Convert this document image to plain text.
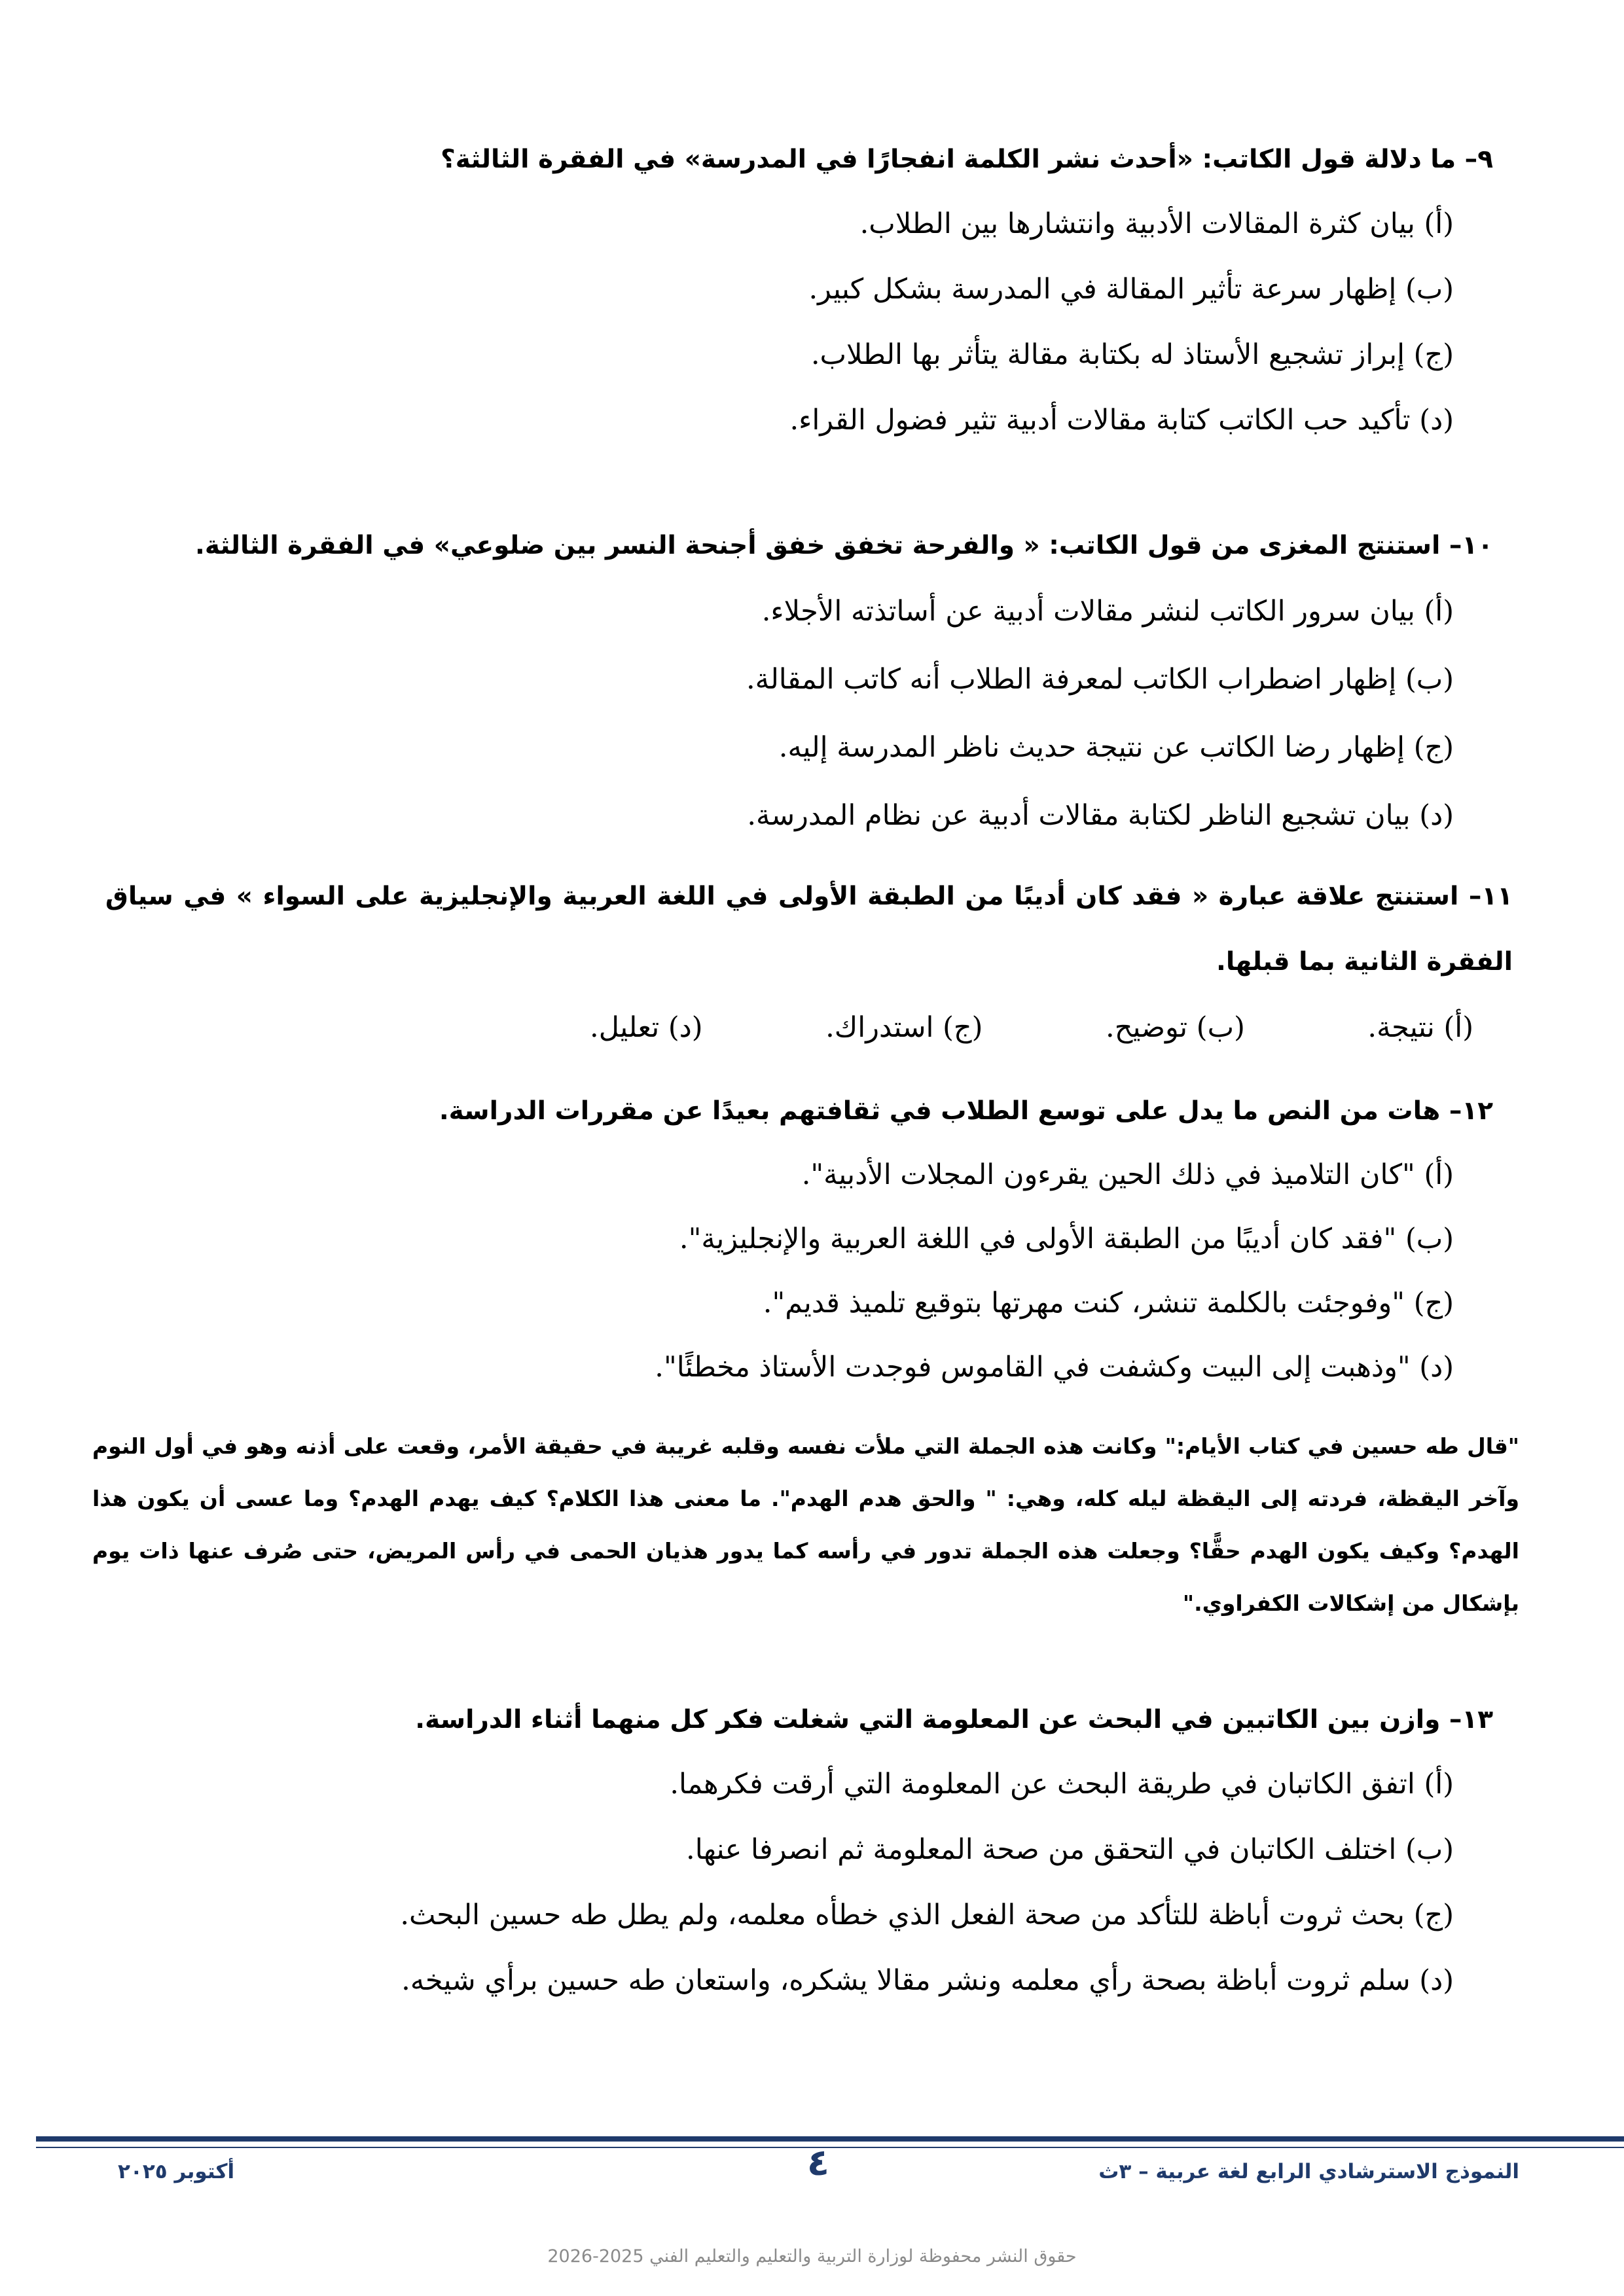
٩– ما دلالة قول الكاتب: «أحدث نشر الكلمة انفجارًا في المدرسة» في الفقرة الثالثة؟
(أ) بيان كثرة المقالات الأدبية وانتشارها بين الطلاب.
(ب) إظهار سرعة تأثير المقالة في المدرسة بشكل كبير.
(ج) إبراز تشجيع الأستاذ له بكتابة مقالة يتأثر بها الطلاب.
(د) تأكيد حب الكاتب كتابة مقالات أدبية تثير فضول القراء.
١٠– استنتج المغزى من قول الكاتب: « والفرحة تخفق خفق أجنحة النسر بين ضلوعي» في الفقرة الثالثة.
(أ) بيان سرور الكاتب لنشر مقالات أدبية عن أساتذته الأجلاء.
(ب) إظهار اضطراب الكاتب لمعرفة الطلاب أنه كاتب المقالة.
(ج) إظهار رضا الكاتب عن نتيجة حديث ناظر المدرسة إليه.
(د) بيان تشجيع الناظر لكتابة مقالات أدبية عن نظام المدرسة.
١١– استنتج علاقة عبارة « فقد كان أديبًا من الطبقة الأولى في اللغة العربية والإنجليزية على السواء » في سياق الفقرة الثانية بما قبلها.
(أ) نتيجة.
(ب) توضيح.
(ج) استدراك.
(د) تعليل.
١٢– هات من النص ما يدل على توسع الطلاب في ثقافتهم بعيدًا عن مقررات الدراسة.
(أ) "كان التلاميذ في ذلك الحين يقرءون المجلات الأدبية".
(ب) "فقد كان أديبًا من الطبقة الأولى في اللغة العربية والإنجليزية".
(ج) "وفوجئت بالكلمة تنشر، كنت مهرتها بتوقيع تلميذ قديم".
(د) "وذهبت إلى البيت وكشفت في القاموس فوجدت الأستاذ مخطئًا".
"قال طه حسين في كتاب الأيام:" وكانت هذه الجملة التي ملأت نفسه وقلبه غريبة في حقيقة الأمر، وقعت على أذنه وهو في أول النوم وآخر اليقظة، فردته إلى اليقظة ليله كله، وهي: " والحق هدم الهدم". ما معنى هذا الكلام؟ كيف يهدم الهدم؟ وما عسى أن يكون هذا الهدم؟ وكيف يكون الهدم حقًّا؟ وجعلت هذه الجملة تدور في رأسه كما يدور هذيان الحمى في رأس المريض، حتى صُرف عنها ذات يوم بإشكال من إشكالات الكفراوي."
١٣– وازن بين الكاتبين في البحث عن المعلومة التي شغلت فكر كل منهما أثناء الدراسة.
(أ) اتفق الكاتبان في طريقة البحث عن المعلومة التي أرقت فكرهما.
(ب) اختلف الكاتبان في التحقق من صحة المعلومة ثم انصرفا عنها.
(ج) بحث ثروت أباظة للتأكد من صحة الفعل الذي خطأه معلمه، ولم يطل طه حسين البحث.
(د) سلم ثروت أباظة بصحة رأي معلمه ونشر مقالا يشكره، واستعان طه حسين برأي شيخه.
٤	النموذج الاسترشادي الرابع لغة عربية – ٣ث
أكتوبر ٢٠٢٥
حقوق النشر محفوظة لوزارة التربية والتعليم والتعليم الفني 2025-2026
